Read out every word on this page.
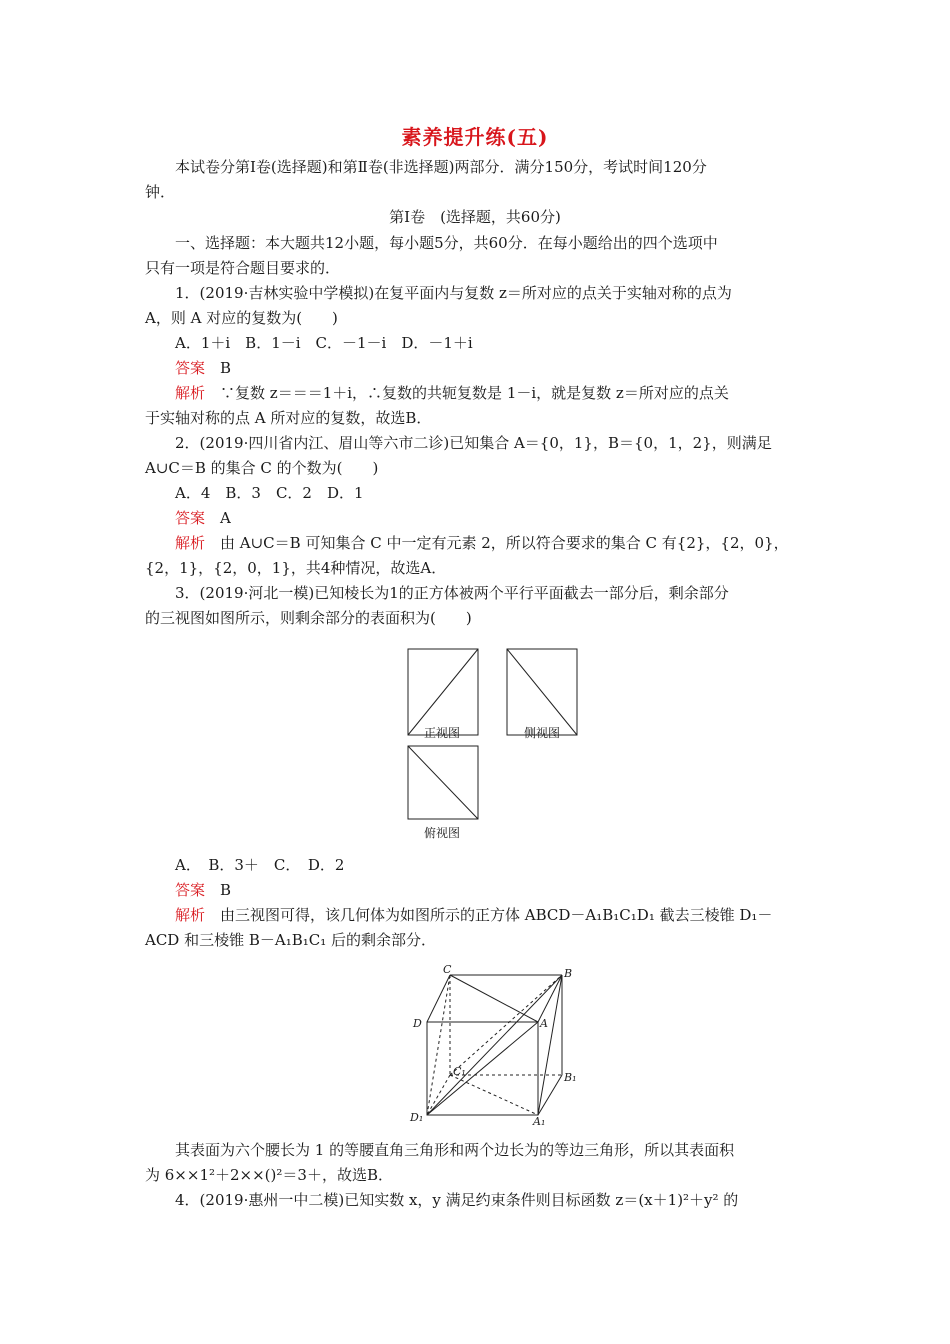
素养提升练(五)
本试卷分第Ⅰ卷(选择题)和第Ⅱ卷(非选择题)两部分．满分150分，考试时间120分
钟．
第Ⅰ卷　(选择题，共60分)
一、选择题：本大题共12小题，每小题5分，共60分．在每小题给出的四个选项中
只有一项是符合题目要求的．
1．(2019·吉林实验中学模拟)在复平面内与复数 z＝所对应的点关于实轴对称的点为
A，则 A 对应的复数为(　　)
A．1＋i　B．1－i　C．－1－i　D．－1＋i
答案　 B
解析　 ∵复数 z＝＝＝1＋i，∴复数的共轭复数是 1－i，就是复数 z＝所对应的点关
于实轴对称的点 A 所对应的复数，故选B．
2．(2019·四川省内江、眉山等六市二诊)已知集合 A＝{0，1}，B＝{0，1，2}，则满足
A∪C＝B 的集合 C 的个数为(　　)
A．4　B．3　C．2　D．1
答案　 A
解析　由 A∪C＝B 可知集合 C 中一定有元素 2，所以符合要求的集合 C 有{2}，{2，0}，
{2，1}，{2，0，1}，共4种情况，故选A．
3．(2019·河北一模)已知棱长为1的正方体被两个平行平面截去一部分后，剩余部分
的三视图如图所示，则剩余部分的表面积为(　　)
正视图	侧视图
俯视图
A．　B．3＋　C．　D．2
答案　 B
解析　由三视图可得，该几何体为如图所示的正方体 ABCD－A₁B₁C₁D₁ 截去三棱锥 D₁－
ACD 和三棱锥 B－A₁B₁C₁ 后的剩余部分．
C	B
D	A
C₁	B₁
D₁	A₁
其表面为六个腰长为 1 的等腰直角三角形和两个边长为的等边三角形，所以其表面积
为 6××1²＋2××()²＝3＋，故选B．
4．(2019·惠州一中二模)已知实数 x，y 满足约束条件则目标函数 z＝(x＋1)²＋y² 的
